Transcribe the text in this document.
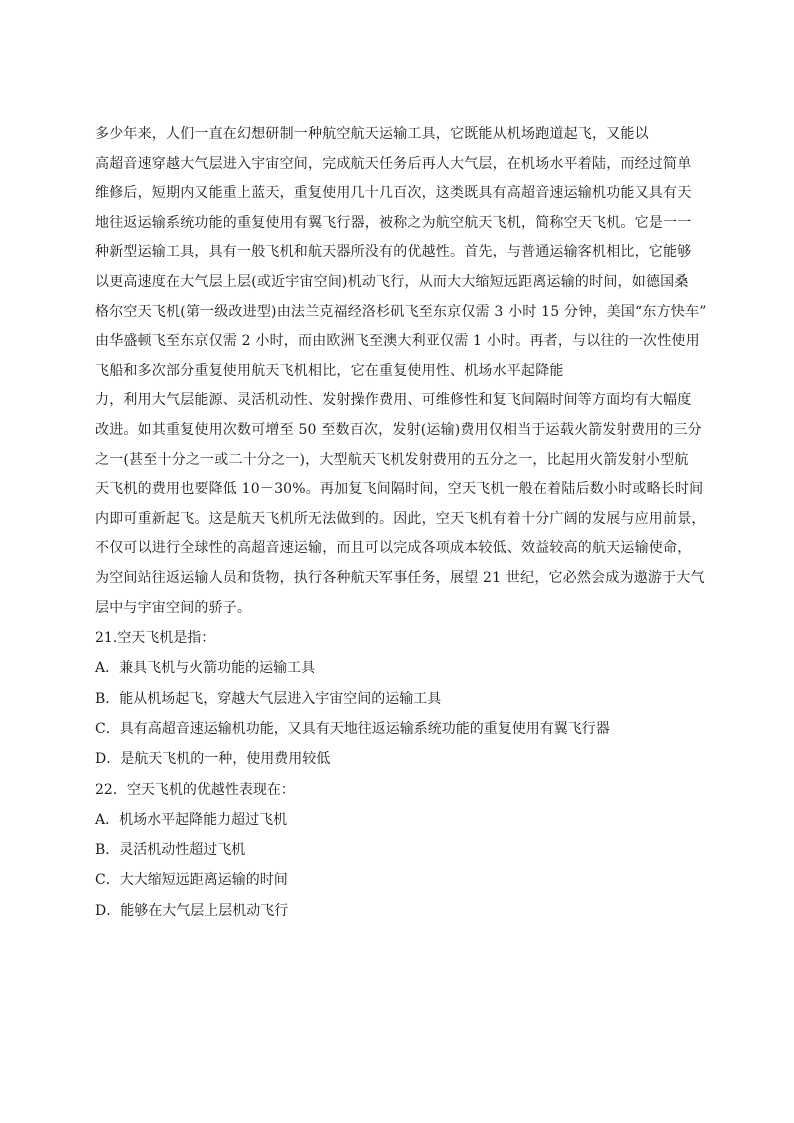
多少年来，人们一直在幻想研制一种航空航天运输工具，它既能从机场跑道起飞，又能以
高超音速穿越大气层进入宇宙空间，完成航天任务后再人大气层，在机场水平着陆，而经过简单
维修后，短期内又能重上蓝天，重复使用几十几百次，这类既具有高超音速运输机功能又具有天
地往返运输系统功能的重复使用有翼飞行器，被称之为航空航天飞机，简称空天飞机。它是一一
种新型运输工具，具有一般飞机和航天器所没有的优越性。首先，与普通运输客机相比，它能够
以更高速度在大气层上层(或近宇宙空间)机动飞行，从而大大缩短远距离运输的时间，如德国桑
格尔空天飞机(第一级改进型)由法兰克福经洛杉矶飞至东京仅需 3 小时 15 分钟，美国“东方快车”
由华盛顿飞至东京仅需 2 小时，而由欧洲飞至澳大利亚仅需 1 小时。再者，与以往的一次性使用
飞船和多次部分重复使用航天飞机相比，它在重复使用性、机场水平起降能
力，利用大气层能源、灵活机动性、发射操作费用、可维修性和复飞间隔时间等方面均有大幅度
改进。如其重复使用次数可增至 50 至数百次，发射(运输)费用仅相当于运载火箭发射费用的三分
之一(甚至十分之一或二十分之一)，大型航天飞机发射费用的五分之一，比起用火箭发射小型航
天飞机的费用也要降低 10－30%。再加复飞间隔时间，空天飞机一般在着陆后数小时或略长时间
内即可重新起飞。这是航天飞机所无法做到的。因此，空天飞机有着十分广阔的发展与应用前景，
不仅可以进行全球性的高超音速运输，而且可以完成各项成本较低、效益较高的航天运输使命，
为空间站往返运输人员和货物，执行各种航天军事任务，展望 21 世纪，它必然会成为遨游于大气
层中与宇宙空间的骄子。
21.空天飞机是指：
A．兼具飞机与火箭功能的运输工具
B．能从机场起飞，穿越大气层进入宇宙空间的运输工具
C．具有高超音速运输机功能，又具有天地往返运输系统功能的重复使用有翼飞行器
D．是航天飞机的一种，使用费用较低
22．空天飞机的优越性表现在：
A．机场水平起降能力超过飞机
B．灵活机动性超过飞机
C．大大缩短远距离运输的时间
D．能够在大气层上层机动飞行
